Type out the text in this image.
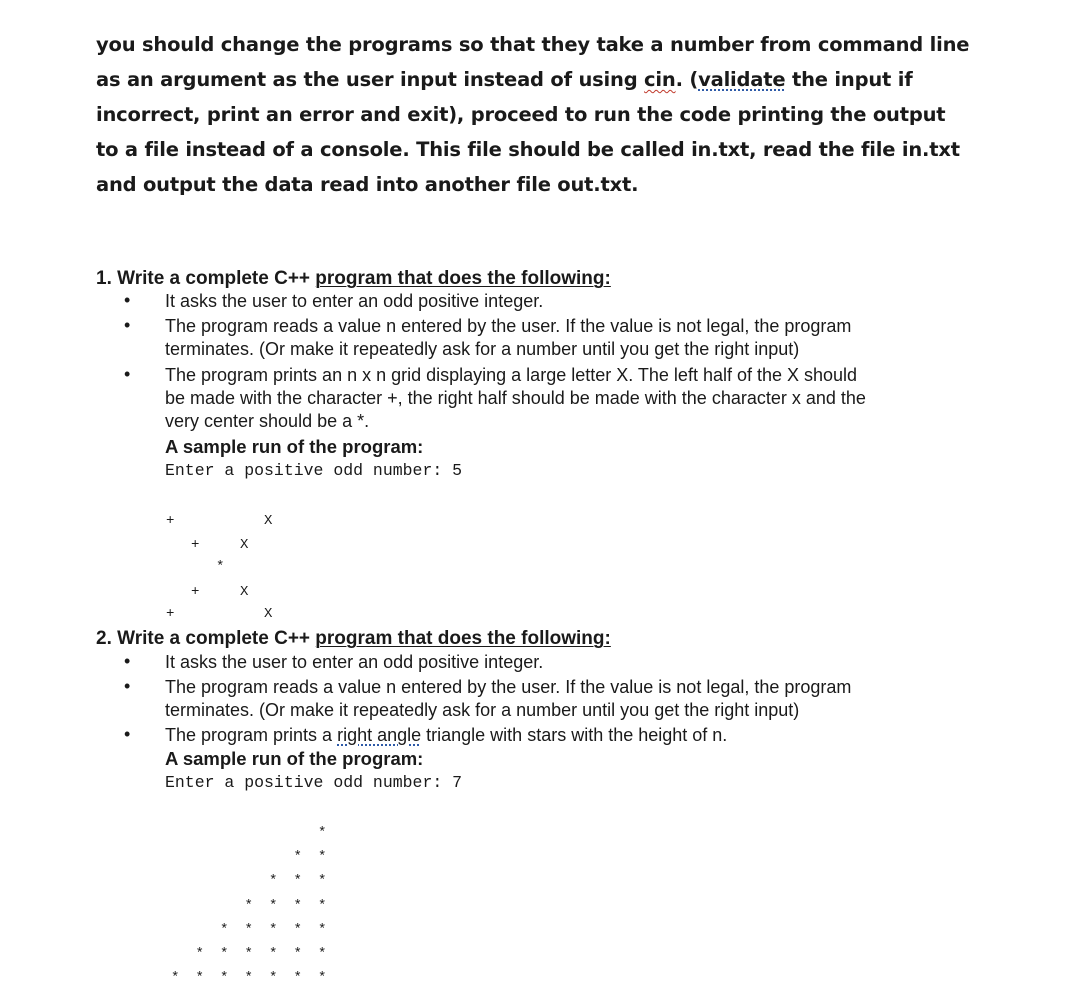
you should change the programs so that they take a number from command line
as an argument as the user input instead of using cin. (validate the input if
incorrect, print an error and exit), proceed to run the code printing the output
to a file instead of a console. This file should be called in.txt, read the file in.txt
and output the data read into another file out.txt.
1. Write a complete C++ program that does the following:
• It asks the user to enter an odd positive integer.
• The program reads a value n entered by the user. If the value is not legal, the program
terminates. (Or make it repeatedly ask for a number until you get the right input)
• The program prints an n x n grid displaying a large letter X. The left half of the X should
be made with the character +, the right half should be made with the character x and the
very center should be a *.
A sample run of the program:
Enter a positive odd number: 5
+	X
+	X
*
+	X
+	X
2. Write a complete C++ program that does the following:
• It asks the user to enter an odd positive integer.
• The program reads a value n entered by the user. If the value is not legal, the program
terminates. (Or make it repeatedly ask for a number until you get the right input)
• The program prints a right angle triangle with stars with the height of n.
A sample run of the program:
Enter a positive odd number: 7
*
*
*
*
*
*
*
*
*
*
*
*
*
*
*
*
*
*
*
*
*
*
*
*
*
*
*
*
